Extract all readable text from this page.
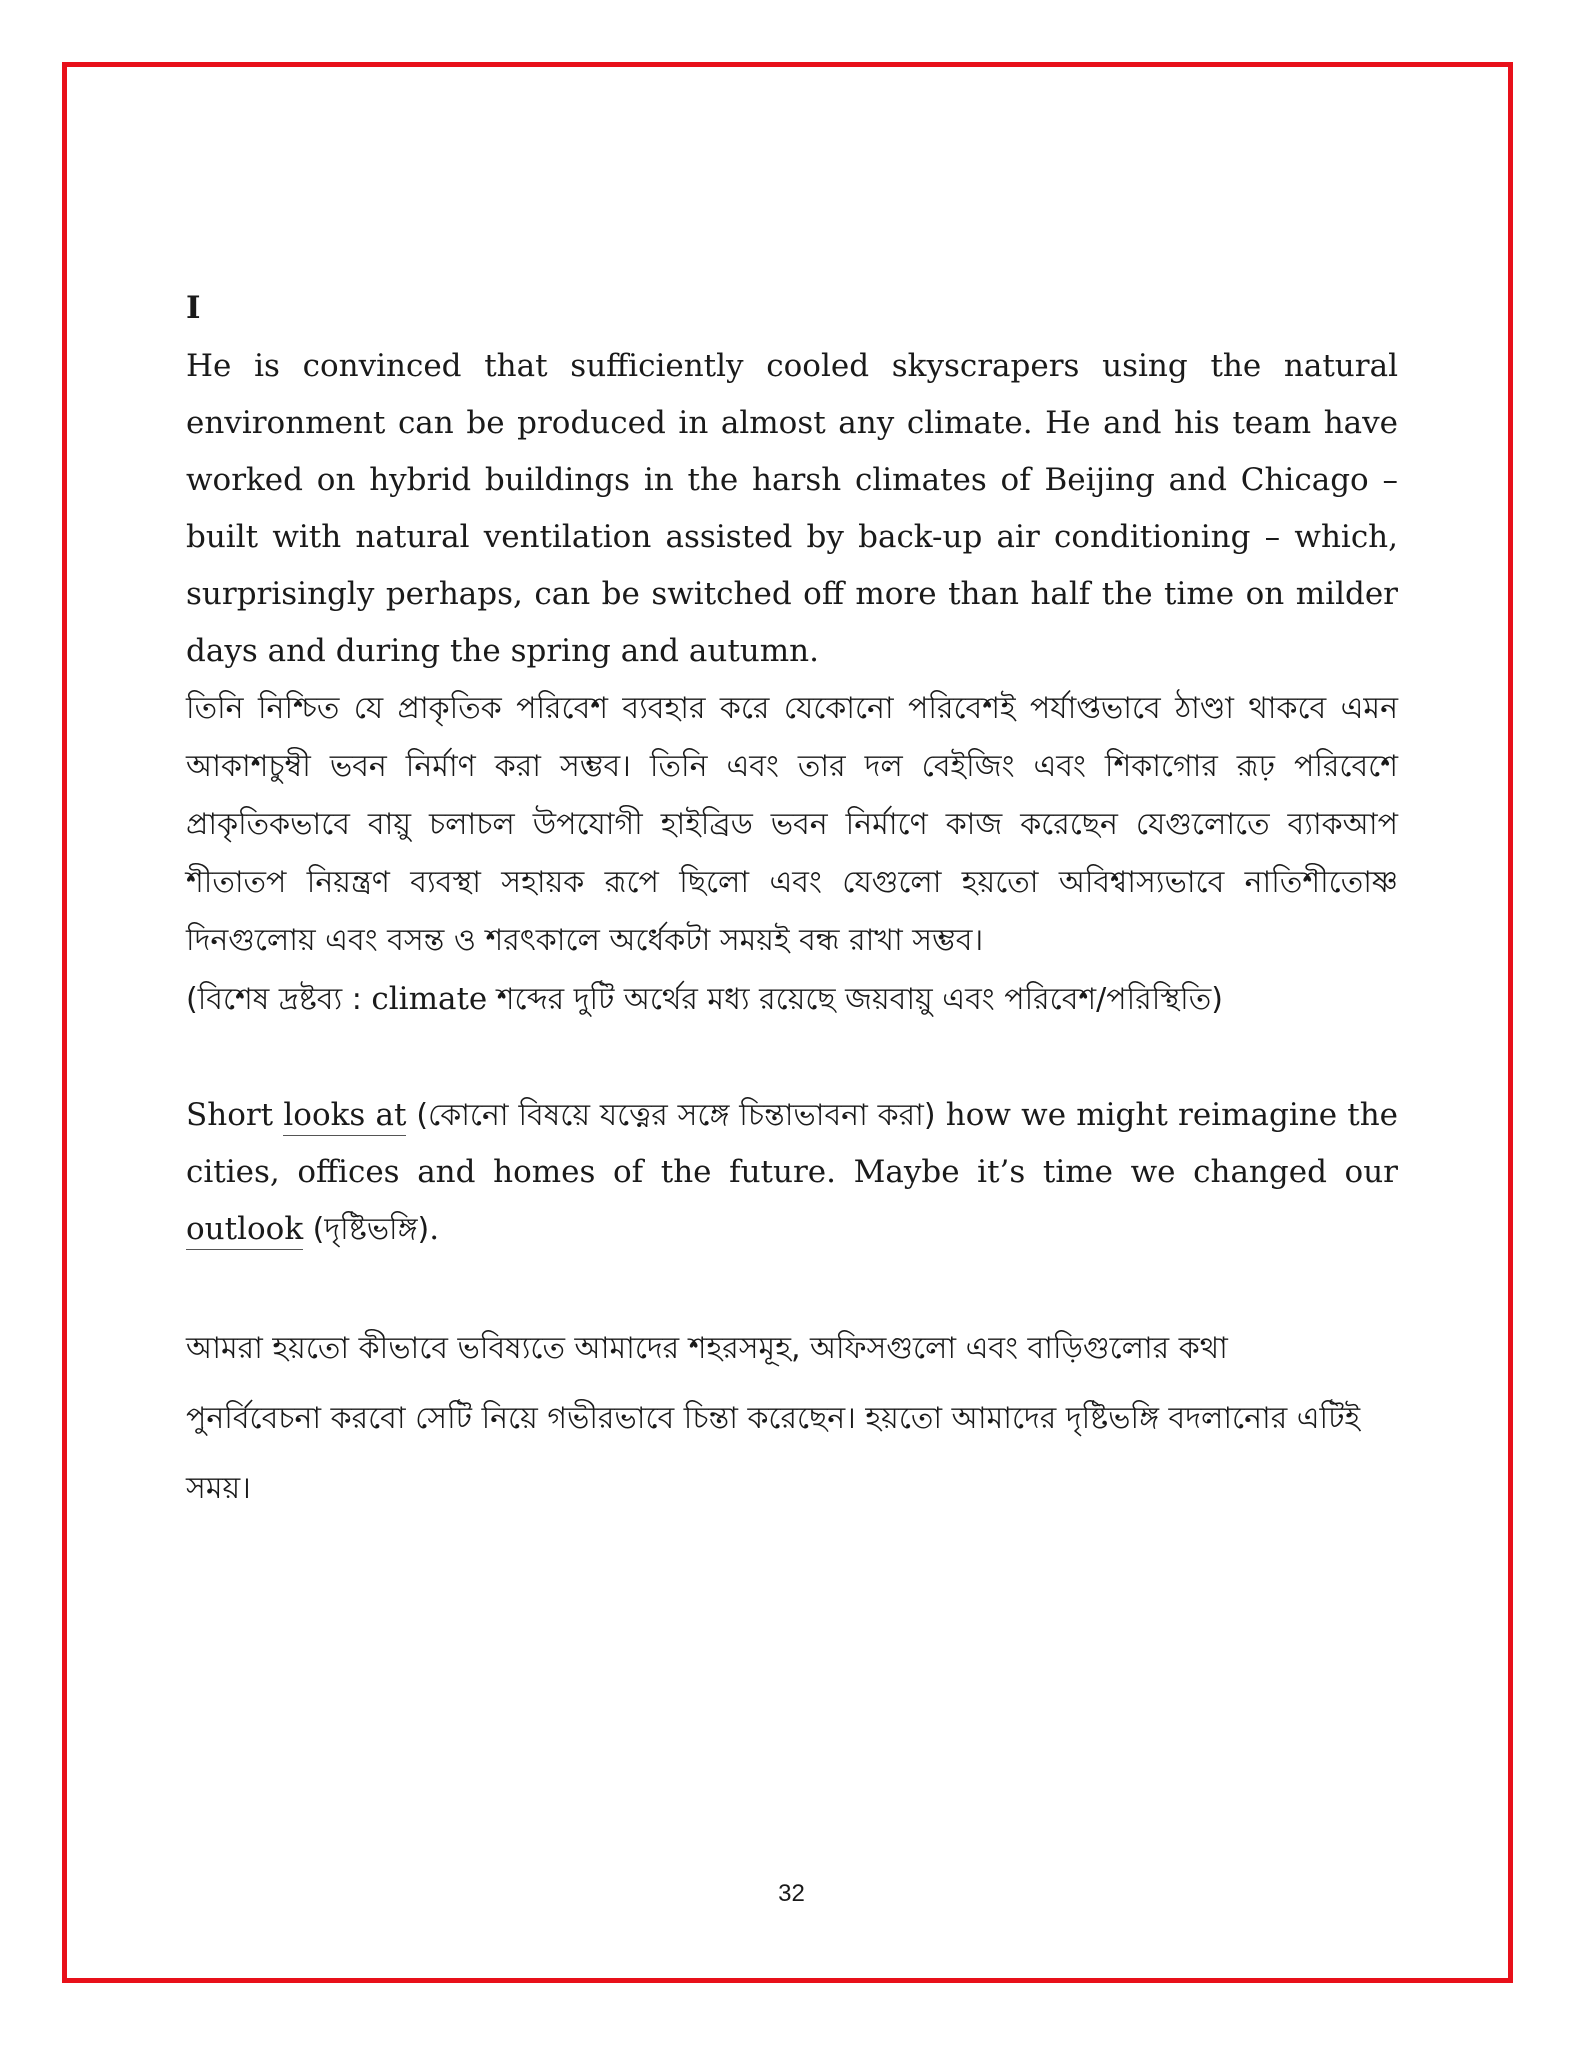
I

He is convinced that sufficiently cooled skyscrapers using the natural environment can be produced in almost any climate. He and his team have worked on hybrid buildings in the harsh climates of Beijing and Chicago – built with natural ventilation assisted by back-up air conditioning – which, surprisingly perhaps, can be switched off more than half the time on milder days and during the spring and autumn.

তিনি নিশ্চিত যে প্রাকৃতিক পরিবেশ ব্যবহার করে যেকোনো পরিবেশই পর্যাপ্তভাবে ঠাণ্ডা থাকবে এমন আকাশচুম্বী ভবন নির্মাণ করা সম্ভব। তিনি এবং তার দল বেইজিং এবং শিকাগোর রূঢ় পরিবেশে প্রাকৃতিকভাবে বায়ু চলাচল উপযোগী হাইব্রিড ভবন নির্মাণে কাজ করেছেন যেগুলোতে ব্যাকআপ শীতাতপ নিয়ন্ত্রণ ব্যবস্থা সহায়ক রূপে ছিলো এবং যেগুলো হয়তো অবিশ্বাস্যভাবে নাতিশীতোষ্ণ দিনগুলোয় এবং বসন্ত ও শরৎকালে অর্ধেকটা সময়ই বন্ধ রাখা সম্ভব।

(বিশেষ দ্রষ্টব্য : climate শব্দের দুটি অর্থের মধ্য রয়েছে জয়বায়ু এবং পরিবেশ/পরিস্থিতি)

Short looks at (কোনো বিষয়ে যত্নের সঙ্গে চিন্তাভাবনা করা) how we might reimagine the cities, offices and homes of the future. Maybe it’s time we changed our outlook (দৃষ্টিভঙ্গি).

আমরা হয়তো কীভাবে ভবিষ্যতে আমাদের শহরসমূহ, অফিসগুলো এবং বাড়িগুলোর কথা পুনর্বিবেচনা করবো সেটি নিয়ে গভীরভাবে চিন্তা করেছেন। হয়তো আমাদের দৃষ্টিভঙ্গি বদলানোর এটিই সময়।

32
